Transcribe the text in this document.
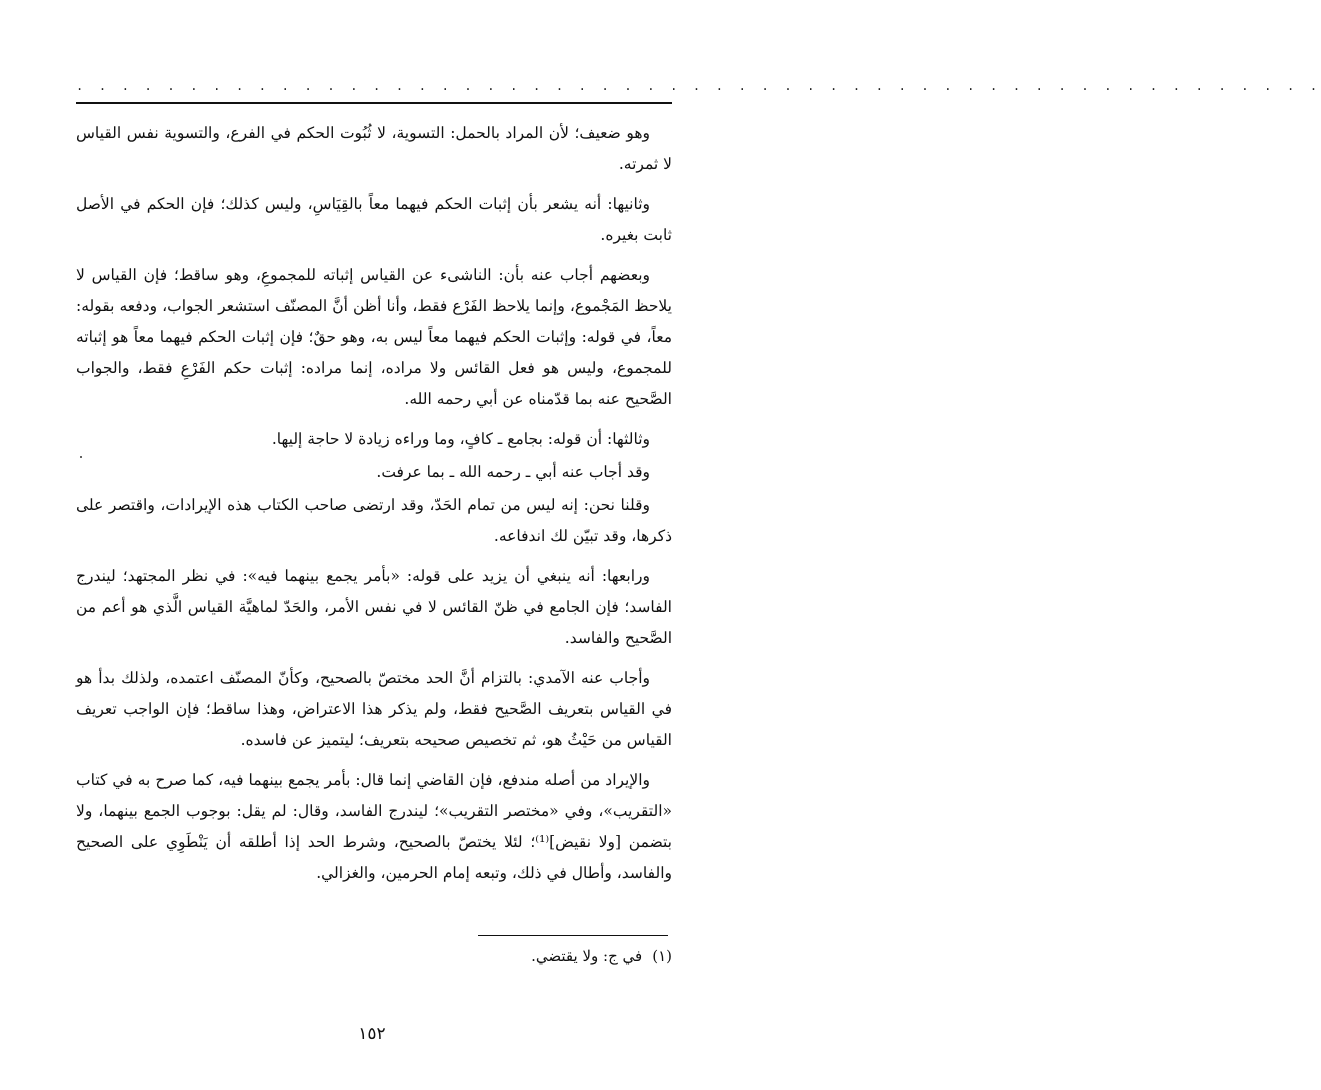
. . . . . . . . . . . . . . . . . . . . . . . . . . . . . . . . . . . . . . . . . . . . . . . . . . . . . . .

وهو ضعيف؛ لأن المراد بالحمل: التسوية، لا ثُبُوت الحكم في الفرع، والتسوية نفس القياس لا ثمرته.

وثانيها: أنه يشعر بأن إثبات الحكم فيهما معاً بالقِيَاسِ، وليس كذلك؛ فإن الحكم في الأصل ثابت بغيره.

وبعضهم أجاب عنه بأن: الناشىء عن القياس إثباته للمجموعِ، وهو ساقط؛ فإن القياس لا يلاحظ المَجْموع، وإنما يلاحظ الفَرْع فقط، وأنا أظن أنَّ المصنّف استشعر الجواب، ودفعه بقوله: معاً، في قوله: وإثبات الحكم فيهما معاً ليس به، وهو حقٌ؛ فإن إثبات الحكم فيهما معاً هو إثباته للمجموع، وليس هو فعل القائس ولا مراده، إنما مراده: إثبات حكم الفَرْعِ فقط، والجواب الصَّحيح عنه بما قدّمناه عن أبي رحمه الله.

وثالثها: أن قوله: بجامع ـ كافٍ، وما وراءه زيادة لا حاجة إليها.

وقد أجاب عنه أبي ـ رحمه الله ـ بما عرفت.

وقلنا نحن: إنه ليس من تمام الحَدّ، وقد ارتضى صاحب الكتاب هذه الإيرادات، واقتصر على ذكرها، وقد تبيّن لك اندفاعه.

ورابعها: أنه ينبغي أن يزيد على قوله: «بأمر يجمع بينهما فيه»: في نظر المجتهد؛ ليندرج الفاسد؛ فإن الجامع في ظنّ القائس لا في نفس الأمر، والحَدّ لماهيَّة القياس الَّذي هو أعم من الصَّحيح والفاسد.

وأجاب عنه الآمدي: بالتزام أنَّ الحد مختصّ بالصحيح، وكأنّ المصنّف اعتمده، ولذلك بدأ هو في القياس بتعريف الصَّحيح فقط، ولم يذكر هذا الاعتراض، وهذا ساقط؛ فإن الواجب تعريف القياس من حَيْثُ هو، ثم تخصيص صحيحه بتعريف؛ ليتميز عن فاسده.

والإيراد من أصله مندفع، فإن القاضي إنما قال: بأمر يجمع بينهما فيه، كما صرح به في كتاب «التقريب»، وفي «مختصر التقريب»؛ ليندرج الفاسد، وقال: لم يقل: بوجوب الجمع بينهما، ولا بتضمن [ولا نقيض]⁽¹⁾؛ لئلا يختصّ بالصحيح، وشرط الحد إذا أطلقه أن يَنْطَوِي على الصحيح والفاسد، وأطال في ذلك، وتبعه إمام الحرمين، والغزالي.

(١)في ج: ولا يقتضي.
١٥٢
